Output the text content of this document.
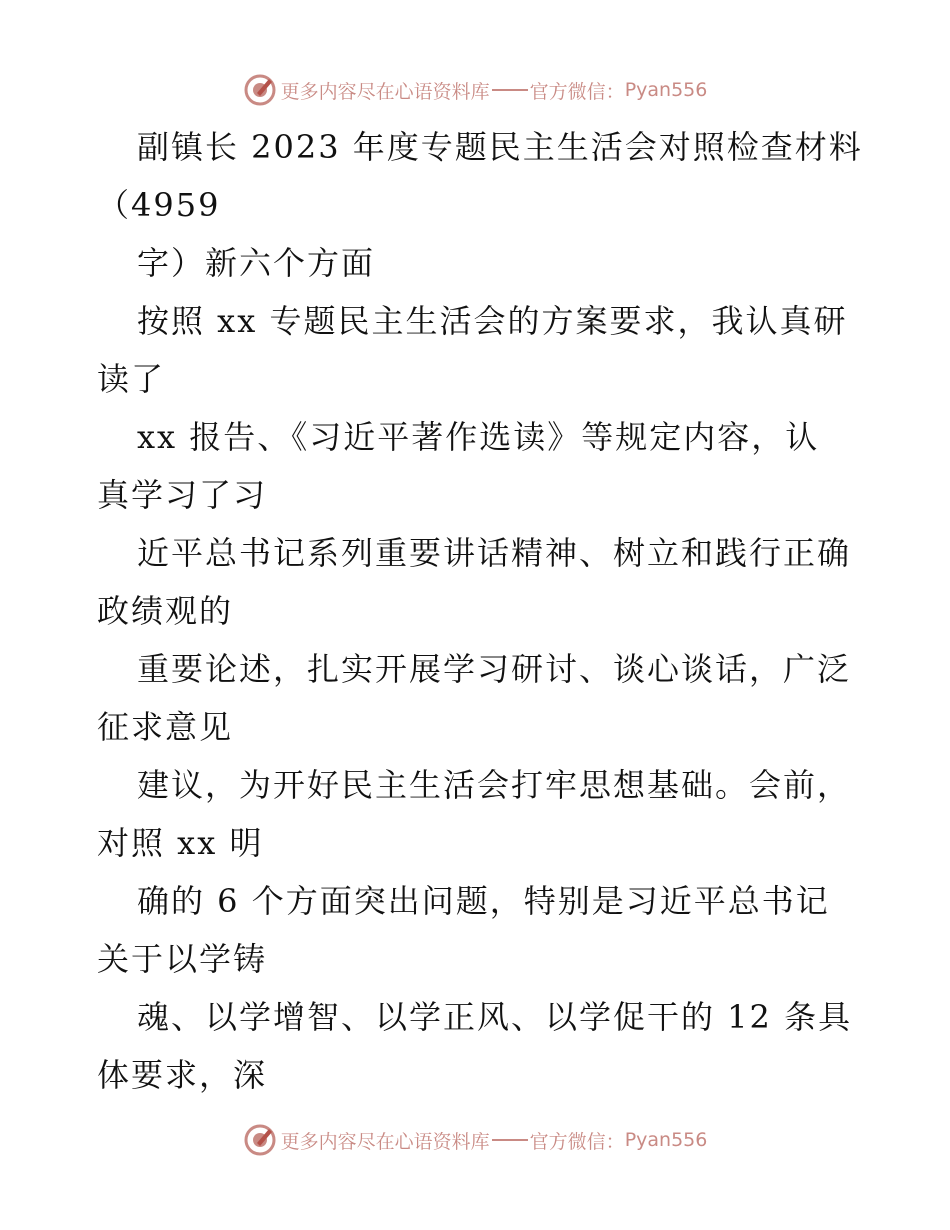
更多内容尽在心语资料库 官方微信： Pyan556
副镇长 2023 年度专题民主生活会对照检查材料
（4959
字）新六个方面
按照 xx 专题民主生活会的方案要求，我认真研
读了
xx 报告、《习近平著作选读》等规定内容，认
真学习了习
近平总书记系列重要讲话精神、树立和践行正确
政绩观的
重要论述，扎实开展学习研讨、谈心谈话，广泛
征求意见
建议，为开好民主生活会打牢思想基础。会前，
对照 xx 明
确的 6 个方面突出问题，特别是习近平总书记
关于以学铸
魂、以学增智、以学正风、以学促干的 12 条具
体要求，深
更多内容尽在心语资料库 官方微信： Pyan556
